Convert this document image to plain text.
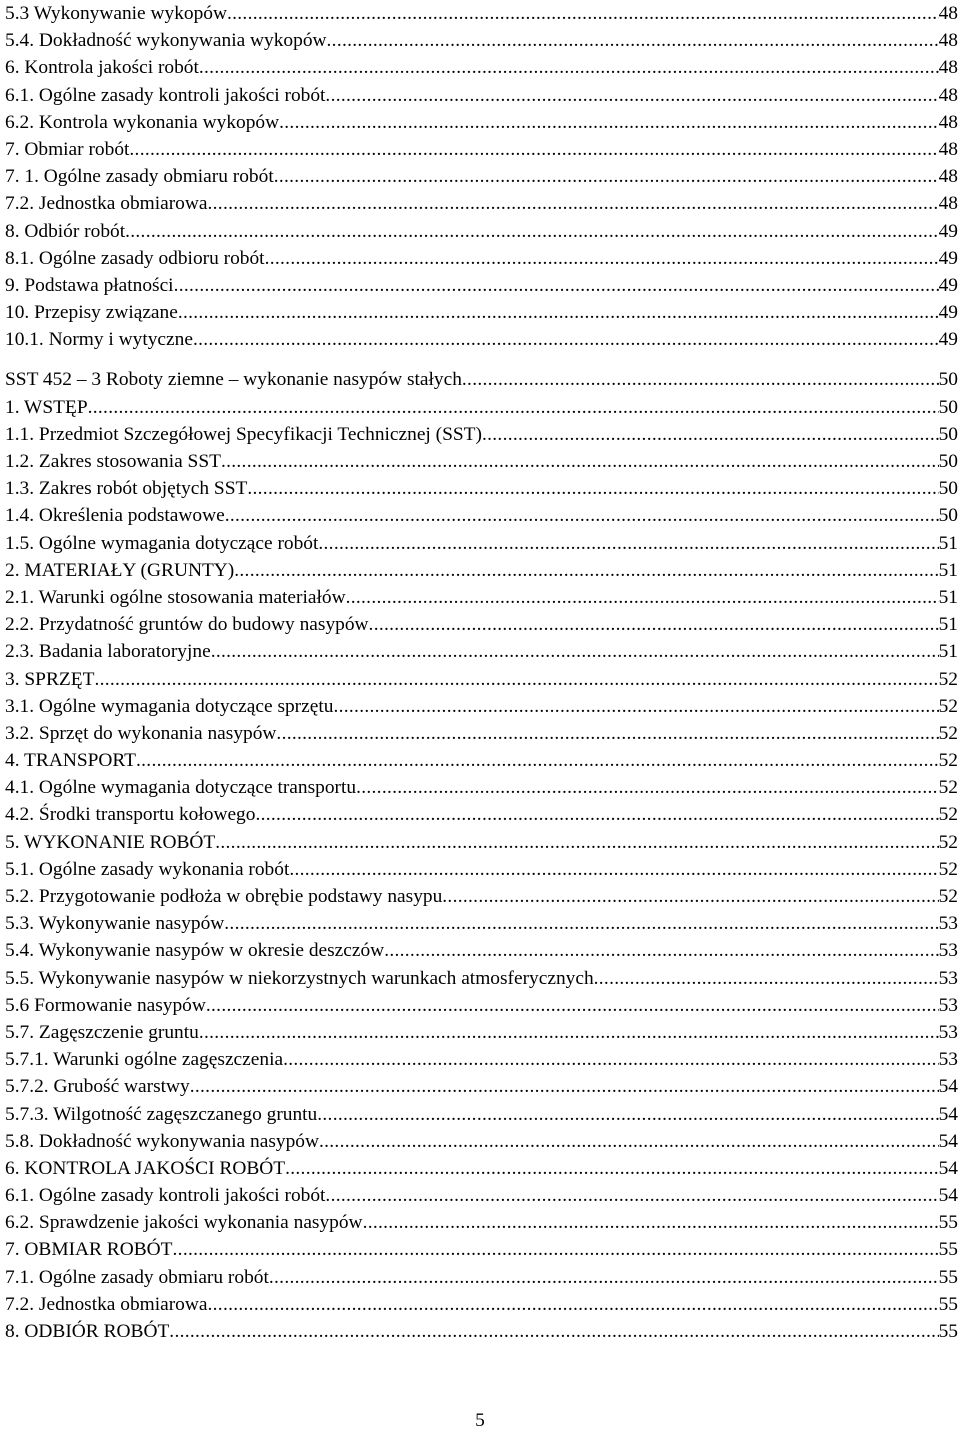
5.3 Wykonywanie wykopów .....	48
5.4. Dokładność wykonywania wykopów .....	48
6. Kontrola jakości robót .....	48
6.1. Ogólne zasady kontroli jakości robót .....	48
6.2. Kontrola wykonania wykopów .....	48
7. Obmiar robót .....	48
7. 1. Ogólne zasady obmiaru robót .....	48
7.2. Jednostka obmiarowa .....	48
8. Odbiór robót .....	49
8.1. Ogólne zasady odbioru robót .....	49
9. Podstawa płatności .....	49
10. Przepisy związane .....	49
10.1. Normy i wytyczne .....	49
SST 452 – 3 Roboty ziemne – wykonanie nasypów stałych .....	50
1. WSTĘP .....	50
1.1. Przedmiot Szczegółowej Specyfikacji Technicznej (SST) .....	50
1.2. Zakres stosowania SST .....	50
1.3. Zakres robót objętych SST .....	50
1.4. Określenia podstawowe .....	50
1.5. Ogólne wymagania dotyczące robót .....	51
2. MATERIAŁY (GRUNTY) .....	51
2.1. Warunki ogólne stosowania materiałów .....	51
2.2. Przydatność gruntów do budowy nasypów .....	51
2.3. Badania laboratoryjne .....	51
3. SPRZĘT .....	52
3.1. Ogólne wymagania dotyczące sprzętu .....	52
3.2. Sprzęt do wykonania nasypów .....	52
4. TRANSPORT .....	52
4.1. Ogólne wymagania dotyczące transportu .....	52
4.2. Środki transportu kołowego .....	52
5. WYKONANIE ROBÓT .....	52
5.1. Ogólne zasady wykonania robót .....	52
5.2. Przygotowanie podłoża w obrębie podstawy nasypu .....	52
5.3. Wykonywanie nasypów .....	53
5.4. Wykonywanie nasypów w okresie deszczów .....	53
5.5. Wykonywanie nasypów w niekorzystnych warunkach atmosferycznych .....	53
5.6 Formowanie nasypów .....	53
5.7. Zagęszczenie gruntu .....	53
5.7.1. Warunki ogólne zagęszczenia .....	53
5.7.2. Grubość warstwy .....	54
5.7.3. Wilgotność zagęszczanego gruntu .....	54
5.8. Dokładność wykonywania nasypów .....	54
6. KONTROLA JAKOŚCI ROBÓT .....	54
6.1. Ogólne zasady kontroli jakości robót .....	54
6.2. Sprawdzenie jakości wykonania nasypów .....	55
7. OBMIAR ROBÓT .....	55
7.1. Ogólne zasady obmiaru robót .....	55
7.2. Jednostka obmiarowa .....	55
8. ODBIÓR ROBÓT .....	55
5
